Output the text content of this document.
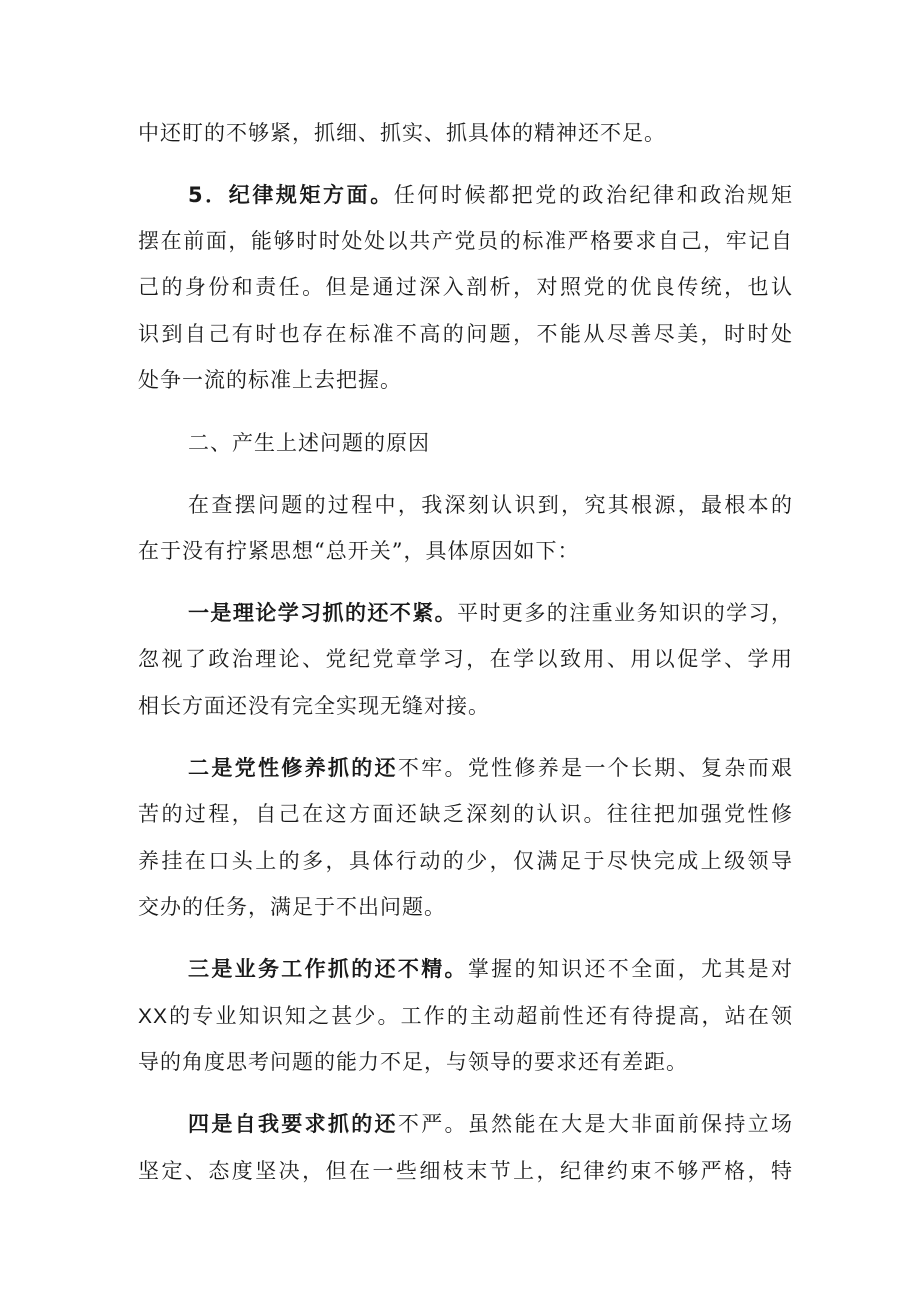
中还盯的不够紧，抓细、抓实、抓具体的精神还不足。
5．纪律规矩方面。任何时候都把党的政治纪律和政治规矩
摆在前面，能够时时处处以共产党员的标准严格要求自己，牢记自
己的身份和责任。但是通过深入剖析，对照党的优良传统，也认
识到自己有时也存在标准不高的问题，不能从尽善尽美，时时处
处争一流的标准上去把握。
二、产生上述问题的原因
在查摆问题的过程中，我深刻认识到，究其根源，最根本的
在于没有拧紧思想“总开关”，具体原因如下：
一是理论学习抓的还不紧。平时更多的注重业务知识的学习，
忽视了政治理论、党纪党章学习，在学以致用、用以促学、学用
相长方面还没有完全实现无缝对接。
二是党性修养抓的还不牢。党性修养是一个长期、复杂而艰
苦的过程，自己在这方面还缺乏深刻的认识。往往把加强党性修
养挂在口头上的多，具体行动的少，仅满足于尽快完成上级领导
交办的任务，满足于不出问题。
三是业务工作抓的还不精。掌握的知识还不全面，尤其是对
XX的专业知识知之甚少。工作的主动超前性还有待提高，站在领
导的角度思考问题的能力不足，与领导的要求还有差距。
四是自我要求抓的还不严。虽然能在大是大非面前保持立场
坚定、态度坚决，但在一些细枝末节上，纪律约束不够严格，特
